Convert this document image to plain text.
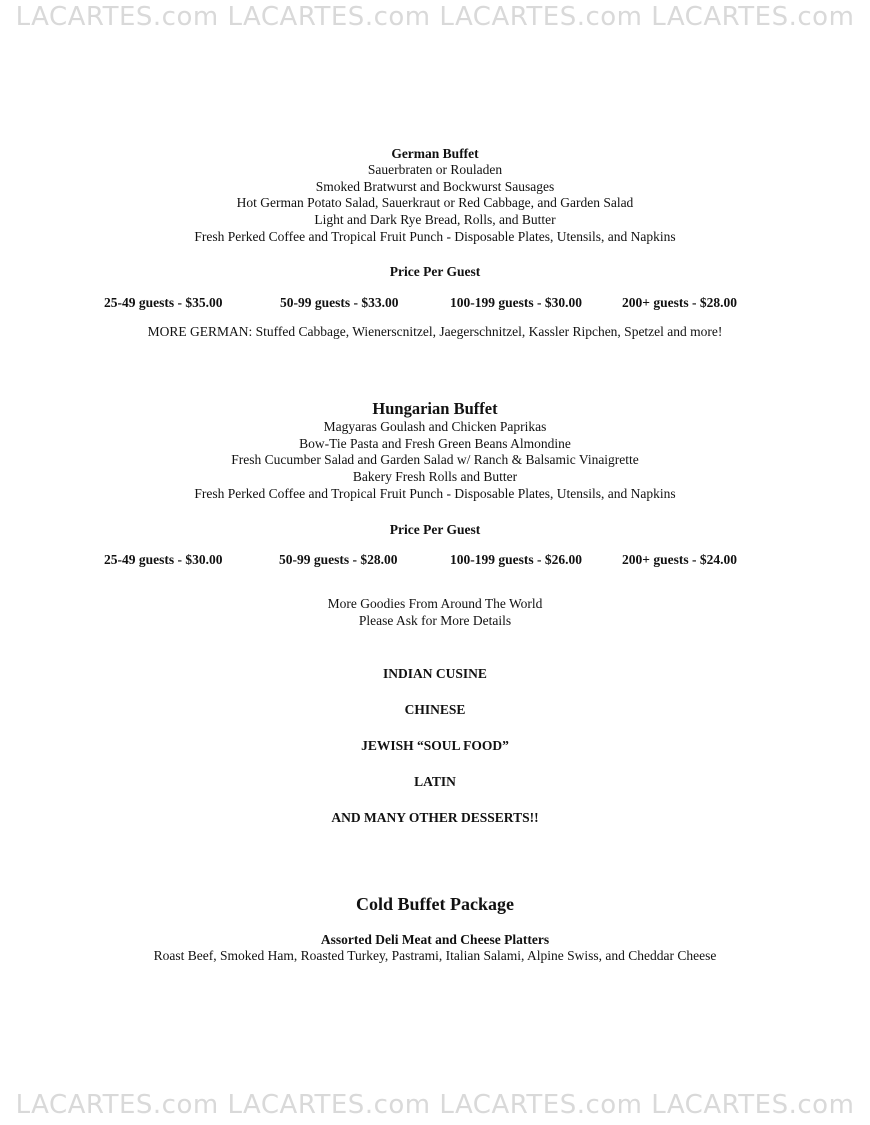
LACARTES.com LACARTES.com LACARTES.com LACARTES.com
German Buffet
Sauerbraten or Rouladen
Smoked Bratwurst and Bockwurst Sausages
Hot German Potato Salad, Sauerkraut or Red Cabbage, and Garden Salad
Light and Dark Rye Bread, Rolls, and Butter
Fresh Perked Coffee and Tropical Fruit Punch - Disposable Plates, Utensils, and Napkins
Price Per Guest
25-49 guests - $35.00	50-99 guests - $33.00	100-199 guests - $30.00	200+ guests - $28.00
MORE GERMAN: Stuffed Cabbage, Wienerscnitzel, Jaegerschnitzel, Kassler Ripchen, Spetzel and more!
Hungarian Buffet
Magyaras Goulash and Chicken Paprikas
Bow-Tie Pasta and Fresh Green Beans Almondine
Fresh Cucumber Salad and Garden Salad w/ Ranch & Balsamic Vinaigrette
Bakery Fresh Rolls and Butter
Fresh Perked Coffee and Tropical Fruit Punch - Disposable Plates, Utensils, and Napkins
Price Per Guest
25-49 guests - $30.00	50-99 guests - $28.00	100-199 guests - $26.00	200+ guests - $24.00
More Goodies From Around The World
Please Ask for More Details
INDIAN CUSINE
CHINESE
JEWISH “SOUL FOOD”
LATIN
AND MANY OTHER DESSERTS!!
Cold Buffet Package
Assorted Deli Meat and Cheese Platters
Roast Beef, Smoked Ham, Roasted Turkey, Pastrami, Italian Salami, Alpine Swiss, and Cheddar Cheese
LACARTES.com LACARTES.com LACARTES.com LACARTES.com
